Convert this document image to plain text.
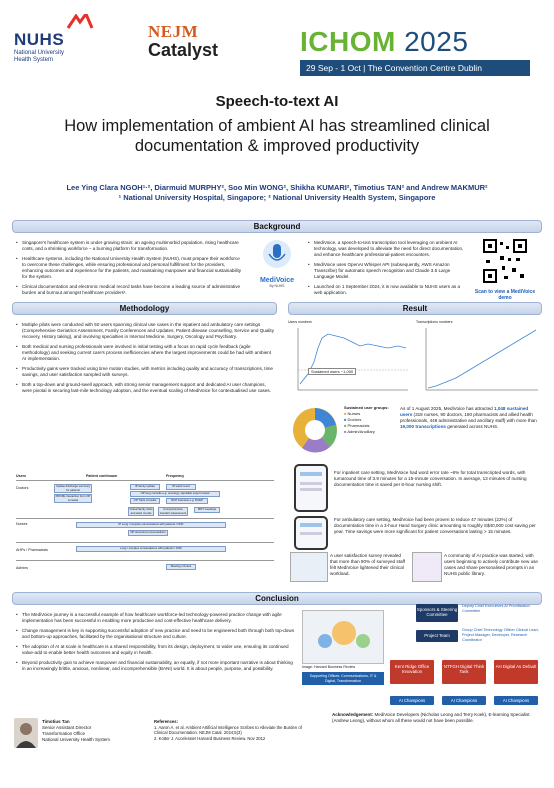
NUHS
National University
Health System
NEJM
Catalyst	ICHOM 2025
29 Sep - 1 Oct | The Convention Centre Dublin
Speech-to-text AI
How implementation of ambient AI has streamlined clinical documentation & improved productivity
Lee Ying Clara NGOH¹·², Diarmuid MURPHY², Soo Min WONG², Shikha KUMARI², Timotius TAN² and Andrew MAKMUR²
¹ National University Hospital, Singapore; ² National University Health System, Singapore
Background
• Singapore's healthcare system is under growing strain: an ageing multimorbid population, rising healthcare costs, and a shrinking workforce – a burning platform for transformation.
• Healthcare systems, including the National University Health System (NUHS), must prepare their workforce to overcome these challenges, while ensuring professional and personal fulfillment for the providers, enhancing outcomes and experience for the patients, and maintaining manpower and financial sustainability for the system.
• Clinical documentation and electronic medical record tasks have become a leading source of administrative burden and burnout amongst healthcare providers¹.
MediVoice
By NUHS
• MediVoice, a speech-to-text transcription tool leveraging on ambient AI technology, was developed to alleviate the need for direct documentation, and enhance healthcare professional-patient encounters.
• MediVoice uses OpenAI Whisper API (subsequently, AWS Amazon Transcribe) for automatic speech recognition and Claude 3.5 Large Language Model.
• Launched on 1 September 2024, it is now available to NUHS users as a web application.	Scan to view a MediVoice demo
Methodology
• Multiple pilots were conducted with 50 users spanning clinical use cases in the inpatient and ambulatory care settings (Comprehensive Geriatrics Assessment, Family Conferences and Updates, Patient disease counselling, Service and Quality recovery, History taking), and involving specialties in Internal Medicine, Surgery, Oncology and Psychiatry.
• Both medical and nursing professionals were involved in initial testing with a focus on rapid cycle feedback (agile methodology) and seeking current care's process inefficiencies where the largest improvements could be had with ambient AI implementation.
• Productivity gains were tracked using time motion studies, with metrics including quality and accuracy of transcriptions, time savings, and user satisfaction sampled with surveys.
• Both a top-down and ground-swell approach, with strong senior management support and dedicated AI user champions, were pivotal in securing last-mile technology adoption, and the eventual scaling of MediVoice for contextualised use cases.
Users	Patient continuum	Frequency
Doctors	Update discharge summary for patients
PROMs interaction from OP consults
IP family update	IP ward round
OP long consults e.g. oncology, specialist expert review
OP Triple consults	NUP interview e.g. DCEP
Virtual family visits and ward rounds
Comprehensive Geriatric Assessment
MDT meetings
Nurses	IP Long / complex conversations with patients / NOK
OP structured conversations
AHPs / Pharmacists	Long / complex conversations with patients / NOK
Admins	Meeting minutes
Result
Users numbers
Sustained users ~1,000
Transcriptions numbers
Sustained user groups:
■ Nurses
■ Doctors
■ Pharmacists
■ Admin/Ancillary
As of 1 August 2025, MediVoice has attracted 1,048 sustained users (318 nurses, 90 doctors, 190 pharmacists and allied health professionals, 448 administrative and ancillary staff) with more than 19,000 transcriptions generated across NUHS.
For inpatient care setting, MediVoice had word error rate ~6% for total transcripted words, with turnaround time of 3.9 minutes for a 15-minute conversation. In average, 13 minutes of nursing documentation time is saved per 8-hour nursing shift.
For ambulatory care setting, MediVoice had been proven to reduce 47 minutes (22%) of documentation time in a 3-hour Hand Surgery clinic amounting to roughly S$40,000 cost saving per year. Time savings were more significant for patient conversations lasting > 15 minutes.
A user satisfaction survey revealed that more than 90% of surveyed staff felt MediVoice lightened their clinical workload.
A community of AI practice was started, with users beginning to actively contribute new use cases and share personalised prompts in an NUHS public library.
Conclusion
• The MediVoice journey is a successful example of how healthcare workforce-led technology-powered practice change with agile implementation has been successful in enabling more productive and cost-effective healthcare delivery.
• Change management is key in supporting successful adoption of new practice and need to be engineered both through both top-down and bottom-up approaches, facilitated by the organisational structure and culture.
• The adoption of AI at scale in healthcare is a shared responsibility, from its design, deployment, to wider use, ensuring its continued value-add to enable better health outcomes and equity in health.
• Beyond productivity gain to achieve manpower and financial sustainability, an equally, if not more important narrative is about thinking in an increasingly brittle, anxious, nonlinear, and incomprehensible (BANI) world. It is about people, purpose, and possibility.	Image: Harvard Business Review
Supporting Offices: Communications, IT & Digital, Transformation
Sponsors & Steering Committee
Project Team
Deputy Chief Executives AI Prioritisation Committee
Group Chief Technology Officer Clinical Lead, Project Manager, Developer, Research Coordinator
Kent Ridge Office Innovation
NTFGH Digital Think Tank
AH Digital As Default
AI Champions	AI Champions	AI Champions
Timotius Tan
Senior Assistant Director
Transformation Office
National University Health System
References:
1. Aaron A. et al. Ambient Artificial Intelligence Scribes to Alleviate the Burden of Clinical Documentation. NEJM Catal. 2024;5(3)
2. Kotter J. Accelerate! Harvard Business Review. Nov 2012
Acknowledgement: MediVoice Developers (Nicholas Leong and Terry Koek), E-learning Specialist (Andrew Leong), without whom all these would not have been possible.
